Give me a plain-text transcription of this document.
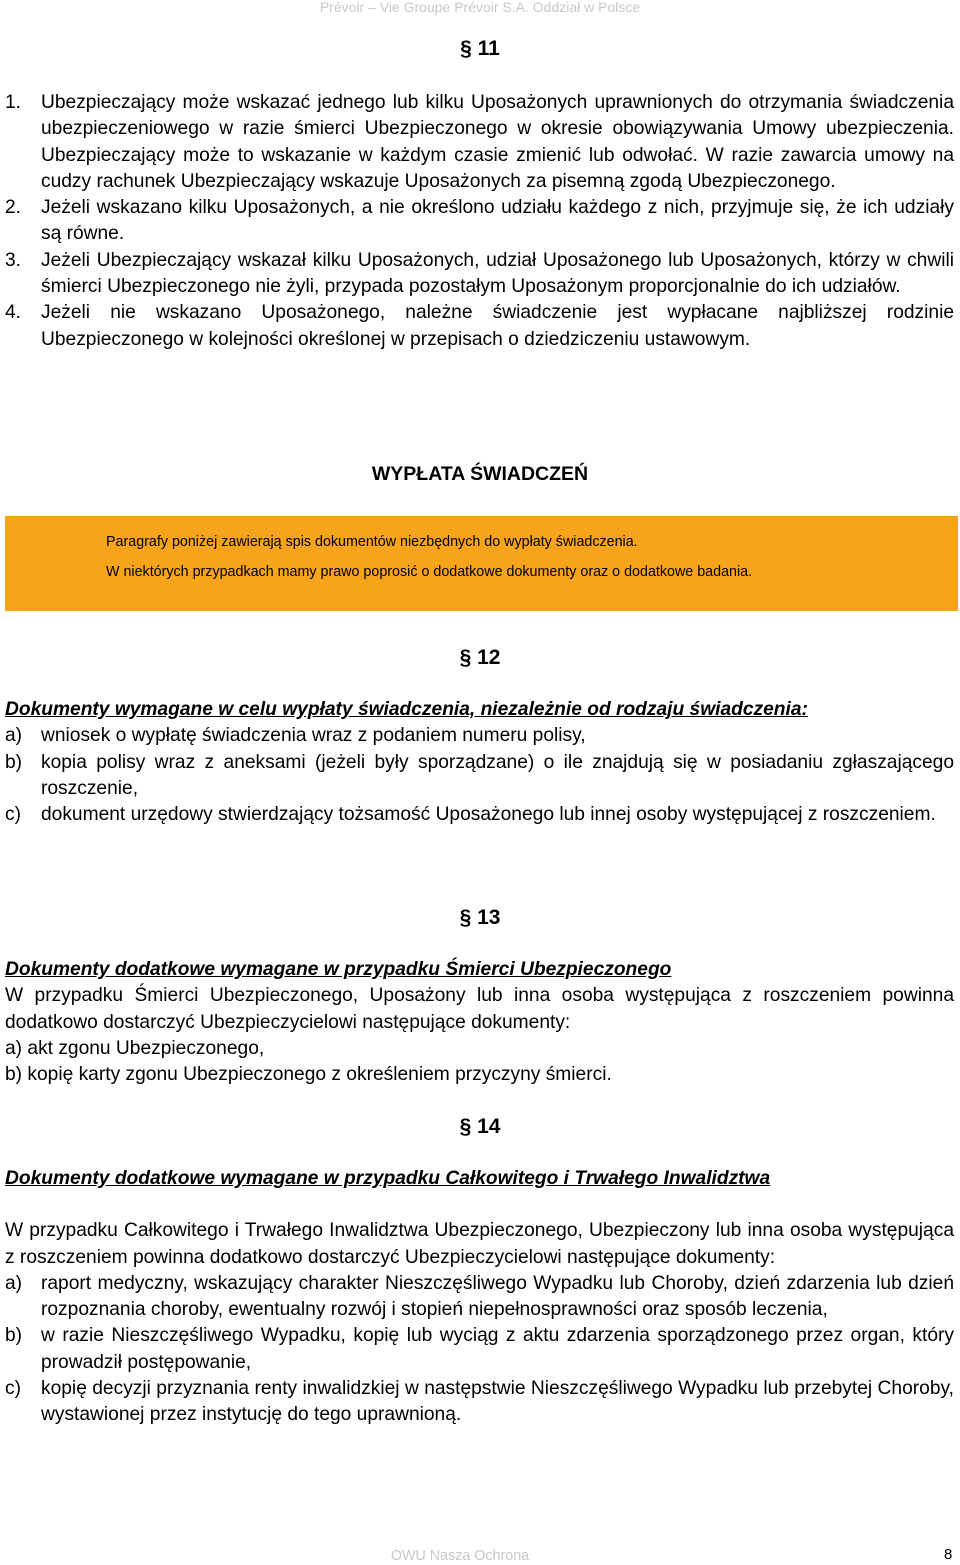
Prévoir – Vie Groupe Prévoir S.A. Oddział w Polsce
§ 11
1. Ubezpieczający może wskazać jednego lub kilku Uposażonych uprawnionych do otrzymania świadczenia ubezpieczeniowego w razie śmierci Ubezpieczonego w okresie obowiązywania Umowy ubezpieczenia. Ubezpieczający może to wskazanie w każdym czasie zmienić lub odwołać. W razie zawarcia umowy na cudzy rachunek Ubezpieczający wskazuje Uposażonych za pisemną zgodą Ubezpieczonego.

2. Jeżeli wskazano kilku Uposażonych, a nie określono udziału każdego z nich, przyjmuje się, że ich udziały są równe.

3. Jeżeli Ubezpieczający wskazał kilku Uposażonych, udział Uposażonego lub Uposażonych, którzy w chwili śmierci Ubezpieczonego nie żyli, przypada pozostałym Uposażonym proporcjonalnie do ich udziałów.

4. Jeżeli nie wskazano Uposażonego, należne świadczenie jest wypłacane najbliższej rodzinie Ubezpieczonego w kolejności określonej w przepisach o dziedziczeniu ustawowym.

WYPŁATA ŚWIADCZEŃ
Paragrafy poniżej zawierają spis dokumentów niezbędnych do wypłaty świadczenia.
W niektórych przypadkach mamy prawo poprosić o dodatkowe dokumenty oraz o dodatkowe badania.
§ 12

Dokumenty wymagane w celu wypłaty świadczenia, niezależnie od rodzaju świadczenia:

a) wniosek o wypłatę świadczenia wraz z podaniem numeru polisy,

b) kopia polisy wraz z aneksami (jeżeli były sporządzane) o ile znajdują się w posiadaniu zgłaszającego roszczenie,

c) dokument urzędowy stwierdzający tożsamość Uposażonego lub innej osoby występującej z roszczeniem.

§ 13

Dokumenty dodatkowe wymagane w przypadku Śmierci Ubezpieczonego

W przypadku Śmierci Ubezpieczonego, Uposażony lub inna osoba występująca z roszczeniem powinna dodatkowo dostarczyć Ubezpieczycielowi następujące dokumenty:

a) akt zgonu Ubezpieczonego,

b) kopię karty zgonu Ubezpieczonego z określeniem przyczyny śmierci.

§ 14

Dokumenty dodatkowe wymagane w przypadku Całkowitego i Trwałego Inwalidztwa

W przypadku Całkowitego i Trwałego Inwalidztwa Ubezpieczonego, Ubezpieczony lub inna osoba występująca z roszczeniem powinna dodatkowo dostarczyć Ubezpieczycielowi następujące dokumenty:

a) raport medyczny, wskazujący charakter Nieszczęśliwego Wypadku lub Choroby, dzień zdarzenia lub dzień rozpoznania choroby, ewentualny rozwój i stopień niepełnosprawności oraz sposób leczenia,

b) w razie Nieszczęśliwego Wypadku, kopię lub wyciąg z aktu zdarzenia sporządzonego przez organ, który prowadził postępowanie,

c) kopię decyzji przyznania renty inwalidzkiej w następstwie Nieszczęśliwego Wypadku lub przebytej Choroby, wystawionej przez instytucję do tego uprawnioną.

OWU Nasza Ochrona	8
